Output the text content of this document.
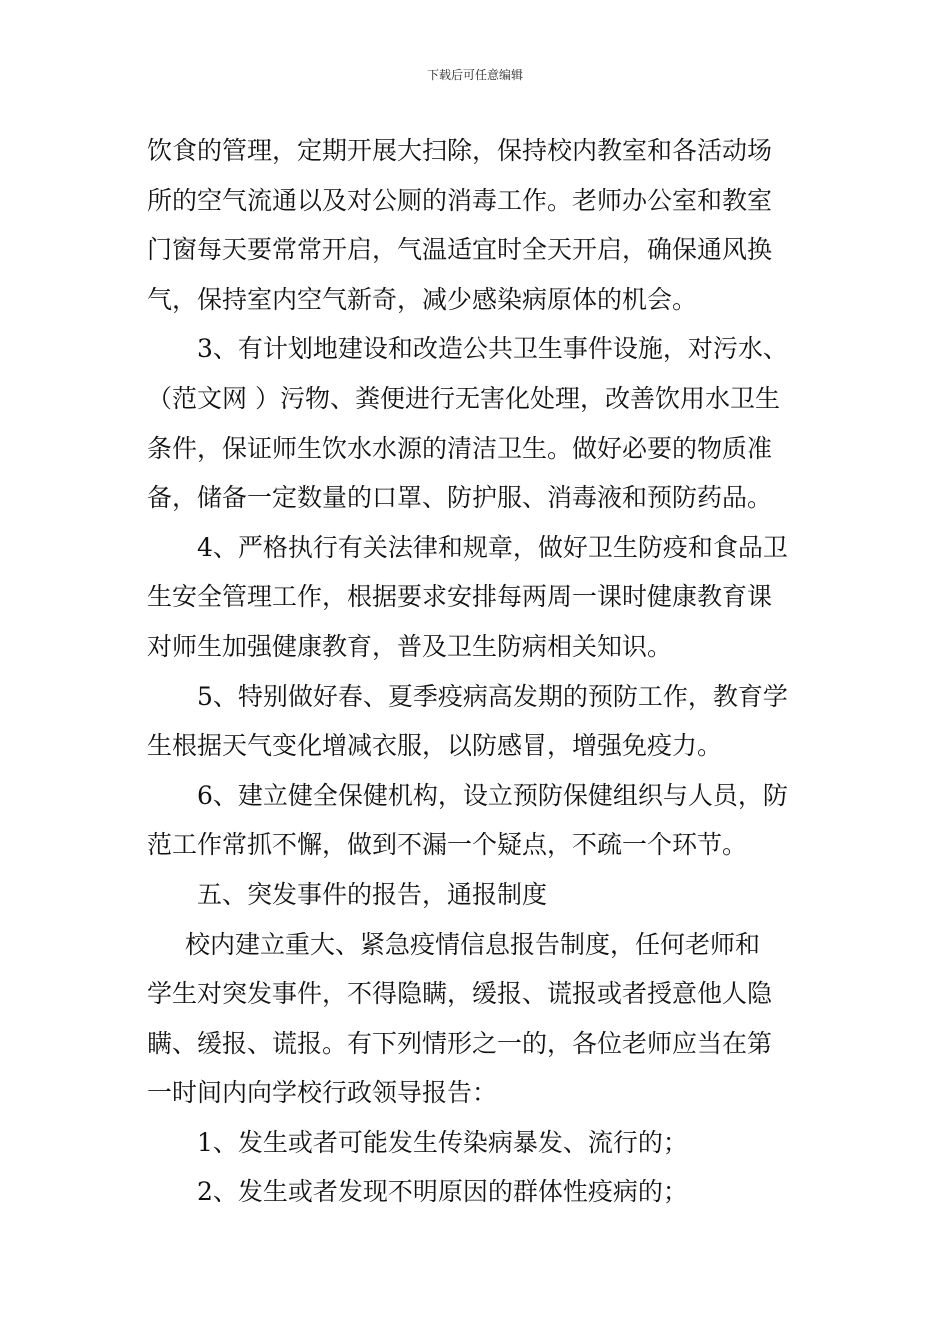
下载后可任意编辑
饮食的管理，定期开展大扫除，保持校内教室和各活动场
所的空气流通以及对公厕的消毒工作。老师办公室和教室
门窗每天要常常开启，气温适宜时全天开启，确保通风换
气，保持室内空气新奇，减少感染病原体的机会。
3、有计划地建设和改造公共卫生事件设施，对污水、
（范文网 ）污物、粪便进行无害化处理，改善饮用水卫生
条件，保证师生饮水水源的清洁卫生。做好必要的物质准
备，储备一定数量的口罩、防护服、消毒液和预防药品。
4、严格执行有关法律和规章，做好卫生防疫和食品卫
生安全管理工作，根据要求安排每两周一课时健康教育课
对师生加强健康教育，普及卫生防病相关知识。
5、特别做好春、夏季疫病高发期的预防工作，教育学
生根据天气变化增减衣服，以防感冒，增强免疫力。
6、建立健全保健机构，设立预防保健组织与人员，防
范工作常抓不懈，做到不漏一个疑点，不疏一个环节。
五、突发事件的报告，通报制度
校内建立重大、紧急疫情信息报告制度，任何老师和
学生对突发事件，不得隐瞒，缓报、谎报或者授意他人隐
瞒、缓报、谎报。有下列情形之一的，各位老师应当在第
一时间内向学校行政领导报告：
1、发生或者可能发生传染病暴发、流行的；
2、发生或者发现不明原因的群体性疫病的；
